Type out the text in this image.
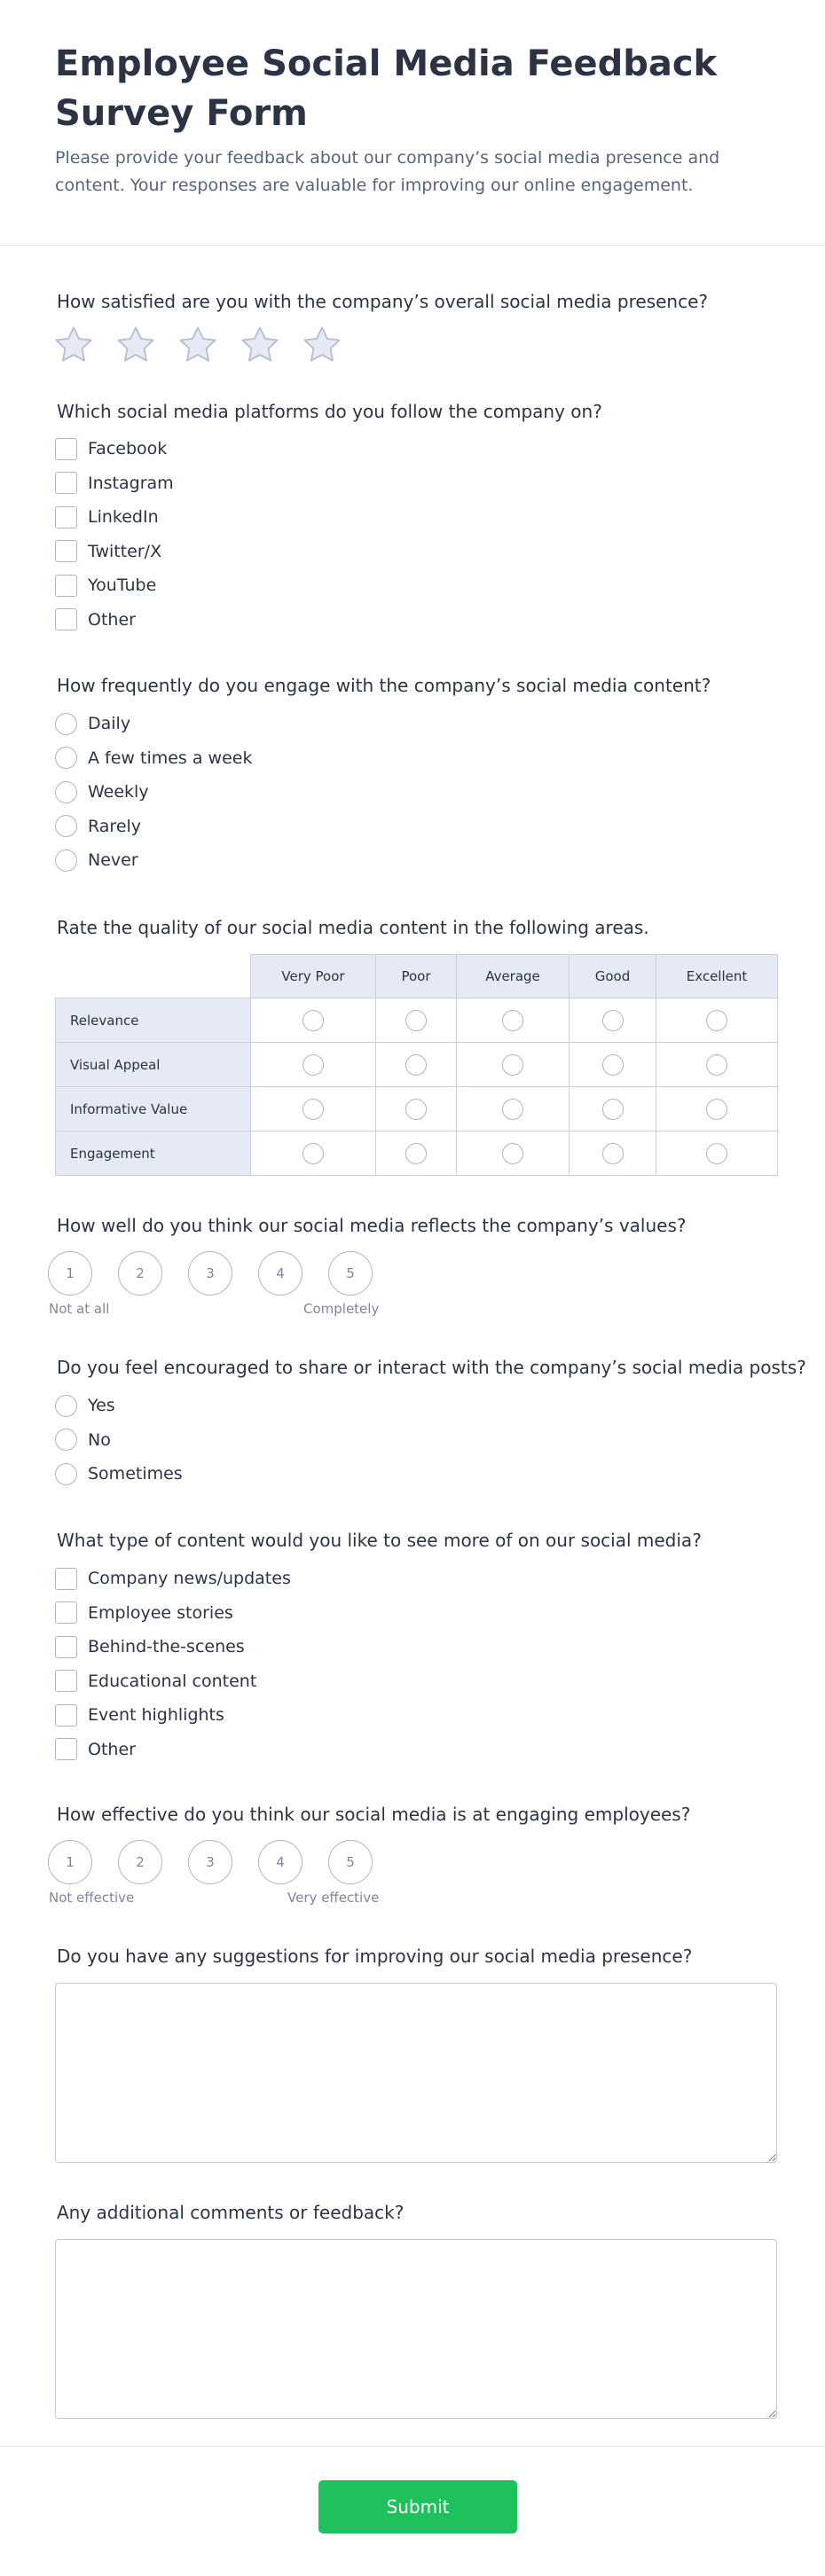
Employee Social Media Feedback Survey Form
Please provide your feedback about our company’s social media presence and content. Your responses are valuable for improving our online engagement.
How satisfied are you with the company’s overall social media presence?
Which social media platforms do you follow the company on?
Facebook
Instagram
LinkedIn
Twitter/X
YouTube
Other
How frequently do you engage with the company’s social media content?
Daily
A few times a week
Weekly
Rarely
Never
Rate the quality of our social media content in the following areas.
	Very Poor	Poor	Average	Good	Excellent
Relevance					
Visual Appeal					
Informative Value					
Engagement					
How well do you think our social media reflects the company’s values?
1	2	3	4	5
Not at all	Completely
Do you feel encouraged to share or interact with the company’s social media posts?
Yes
No
Sometimes
What type of content would you like to see more of on our social media?
Company news/updates
Employee stories
Behind-the-scenes
Educational content
Event highlights
Other
How effective do you think our social media is at engaging employees?
1	2	3	4	5
Not effective	Very effective
Do you have any suggestions for improving our social media presence?
Any additional comments or feedback?
Submit
